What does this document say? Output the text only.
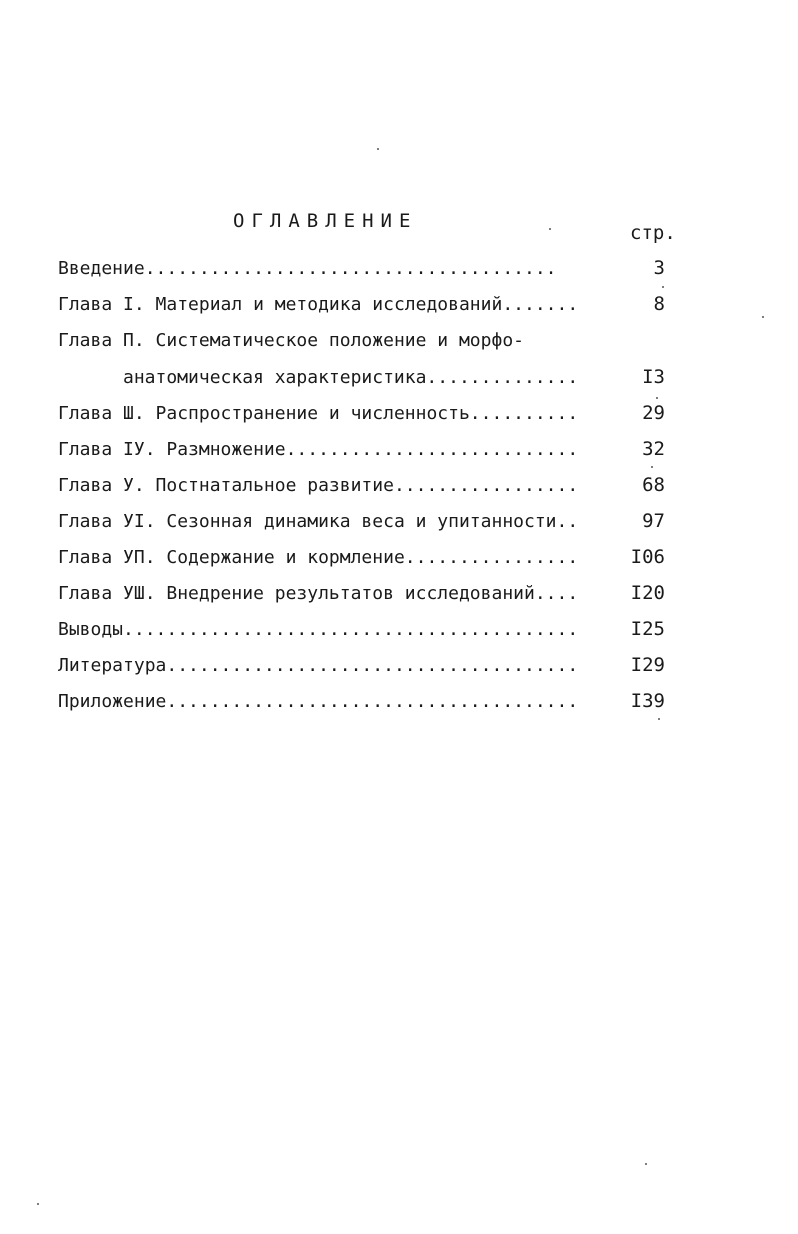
ОГЛАВЛЕНИЕ
стр.
Введение......................................	3
Глава I. Материал и методика исследований.......	8
Глава П. Систематическое положение и морфо-
анатомическая характеристика..............	I3
Глава Ш. Распространение и численность..........	29
Глава IУ. Размножение...........................	32
Глава У. Постнатальное развитие.................	68
Глава УI. Сезонная динамика веса и упитанности..	97
Глава УП. Содержание и кормление................	I06
Глава УШ. Внедрение результатов исследований....	I20
Выводы..........................................	I25
Литература......................................	I29
Приложение......................................	I39
